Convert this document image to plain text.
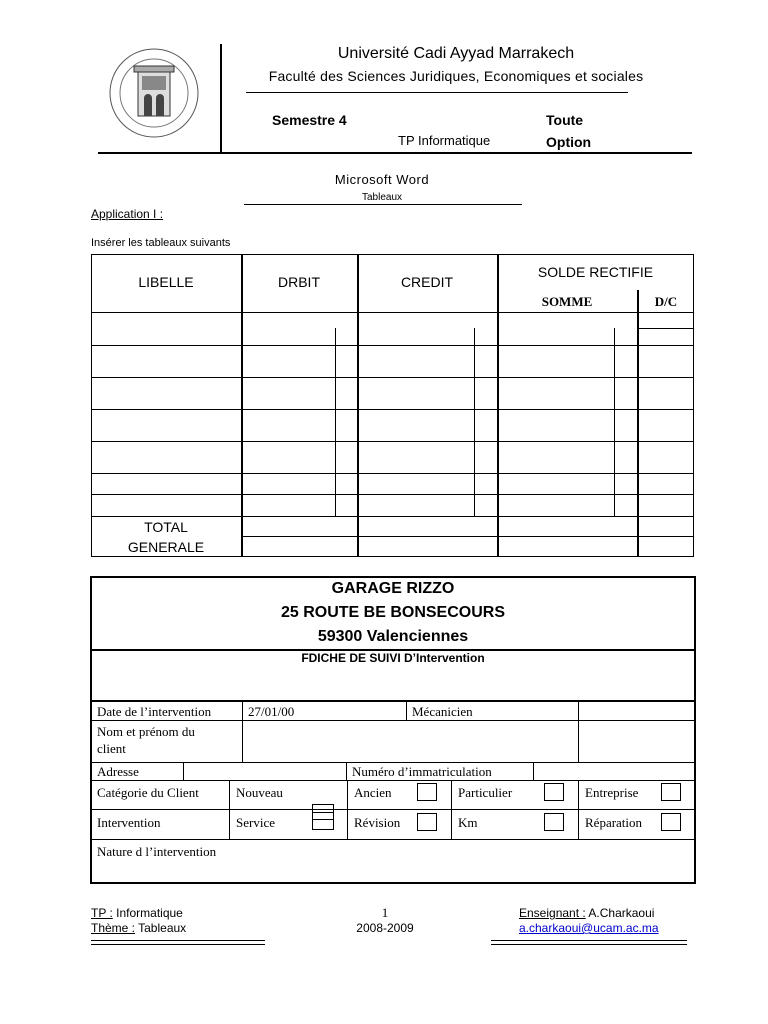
Université Cadi Ayyad Marrakech
Faculté des Sciences Juridiques, Economiques et sociales
Semestre 4
TP Informatique
Toute
Option
Microsoft Word
Tableaux
Application I :
Insérer les tableaux suivants
LIBELLE	DRBIT	CREDIT
SOLDE RECTIFIE
SOMME	D/C
TOTAL
GENERALE
GARAGE RIZZO
25 ROUTE BE BONSECOURS
59300 Valenciennes
FDICHE DE SUIVI D’Intervention
Date de l’intervention	27/01/00	Mécanicien
Nom et prénom du
client
Adresse	Numéro d’immatriculation
Catégorie du Client	Nouveau	Ancien	Particulier	Entreprise
Intervention	Service	Révision	Km	Réparation
Nature d l’intervention
TP : Informatique
Thème : Tableaux
1
2008-2009
Enseignant : A.Charkaoui
a.charkaoui@ucam.ac.ma
